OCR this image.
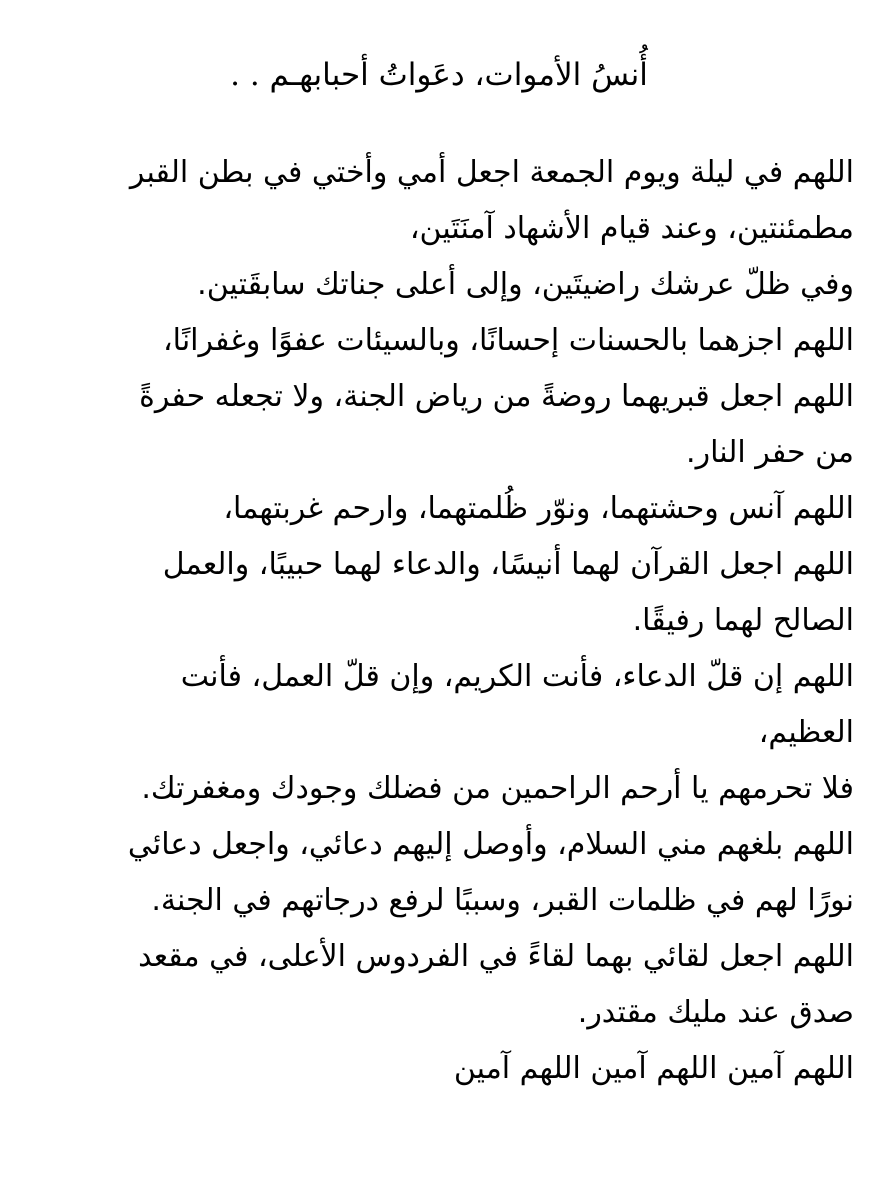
أُنسُ الأموات، دعَواتُ أحبابهـم . .
اللهم في ليلة ويوم الجمعة اجعل أمي وأختي في بطن القبر
مطمئنتين، وعند قيام الأشهاد آمنَتَين،
وفي ظلّ عرشك راضيتَين، وإلى أعلى جناتك سابقَتين.
اللهم اجزهما بالحسنات إحسانًا، وبالسيئات عفوًا وغفرانًا،
اللهم اجعل قبريهما روضةً من رياض الجنة، ولا تجعله حفرةً
من حفر النار.
اللهم آنس وحشتهما، ونوّر ظُلمتهما، وارحم غربتهما،
اللهم اجعل القرآن لهما أنيسًا، والدعاء لهما حبيبًا، والعمل
الصالح لهما رفيقًا.
اللهم إن قلّ الدعاء، فأنت الكريم، وإن قلّ العمل، فأنت
العظيم،
فلا تحرمهم يا أرحم الراحمين من فضلك وجودك ومغفرتك.
اللهم بلغهم مني السلام، وأوصل إليهم دعائي، واجعل دعائي
نورًا لهم في ظلمات القبر، وسببًا لرفع درجاتهم في الجنة.
اللهم اجعل لقائي بهما لقاءً في الفردوس الأعلى، في مقعد
صدق عند مليك مقتدر.
اللهم آمين اللهم آمين اللهم آمين
